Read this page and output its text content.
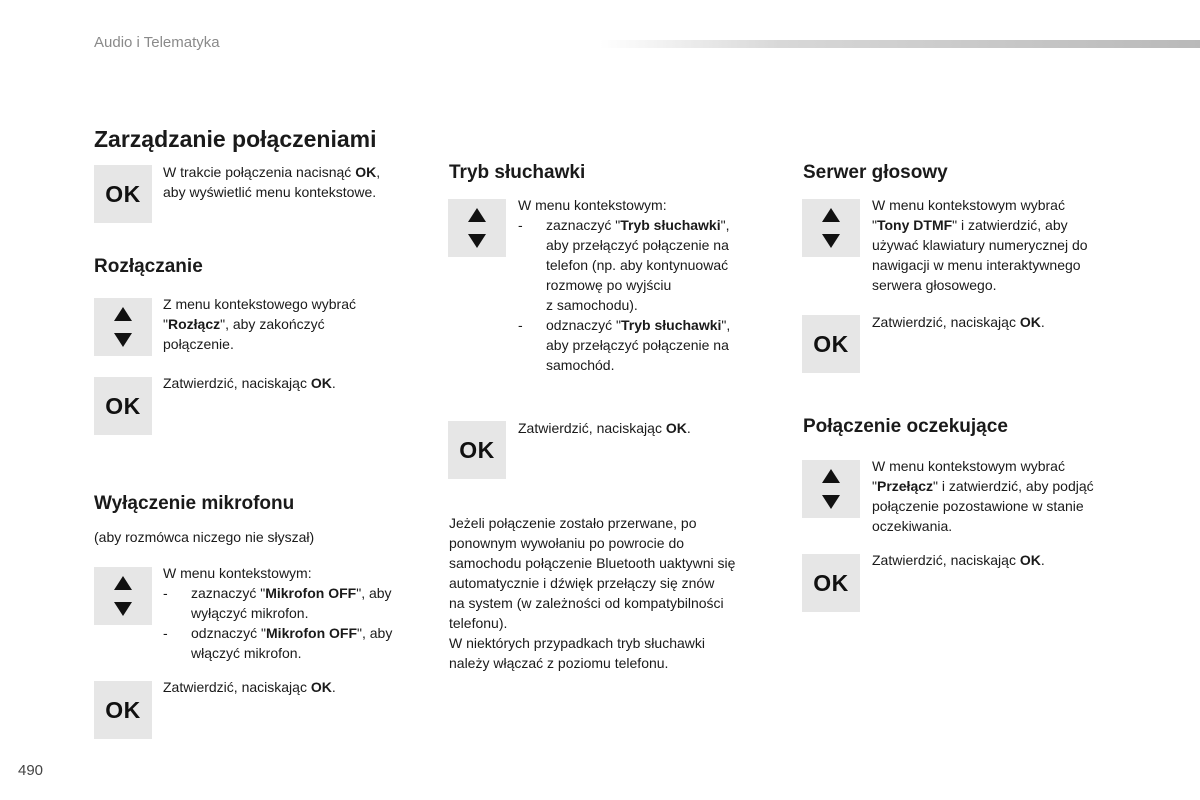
Audio i Telematyka
Zarządzanie połączeniami
OK
W trakcie połączenia nacisnąć OK,
aby wyświetlić menu kontekstowe.
Rozłączanie
Z menu kontekstowego wybrać
"Rozłącz", aby zakończyć
połączenie.
OK
Zatwierdzić, naciskając OK.
Wyłączenie mikrofonu
(aby rozmówca niczego nie słyszał)
W menu kontekstowym:
- zaznaczyć "Mikrofon OFF", aby
wyłączyć mikrofon.
- odznaczyć "Mikrofon OFF", aby
włączyć mikrofon.
OK
Zatwierdzić, naciskając OK.
Tryb słuchawki
W menu kontekstowym:
- zaznaczyć "Tryb słuchawki",
aby przełączyć połączenie na
telefon (np. aby kontynuować
rozmowę po wyjściu
z samochodu).
- odznaczyć "Tryb słuchawki",
aby przełączyć połączenie na
samochód.
OK
Zatwierdzić, naciskając OK.
Jeżeli połączenie zostało przerwane, po
ponownym wywołaniu po powrocie do
samochodu połączenie Bluetooth uaktywni się
automatycznie i dźwięk przełączy się znów
na system (w zależności od kompatybilności
telefonu).
W niektórych przypadkach tryb słuchawki
należy włączać z poziomu telefonu.
Serwer głosowy
W menu kontekstowym wybrać
"Tony DTMF" i zatwierdzić, aby
używać klawiatury numerycznej do
nawigacji w menu interaktywnego
serwera głosowego.
OK
Zatwierdzić, naciskając OK.
Połączenie oczekujące
W menu kontekstowym wybrać
"Przełącz" i zatwierdzić, aby podjąć
połączenie pozostawione w stanie
oczekiwania.
OK
Zatwierdzić, naciskając OK.
490
